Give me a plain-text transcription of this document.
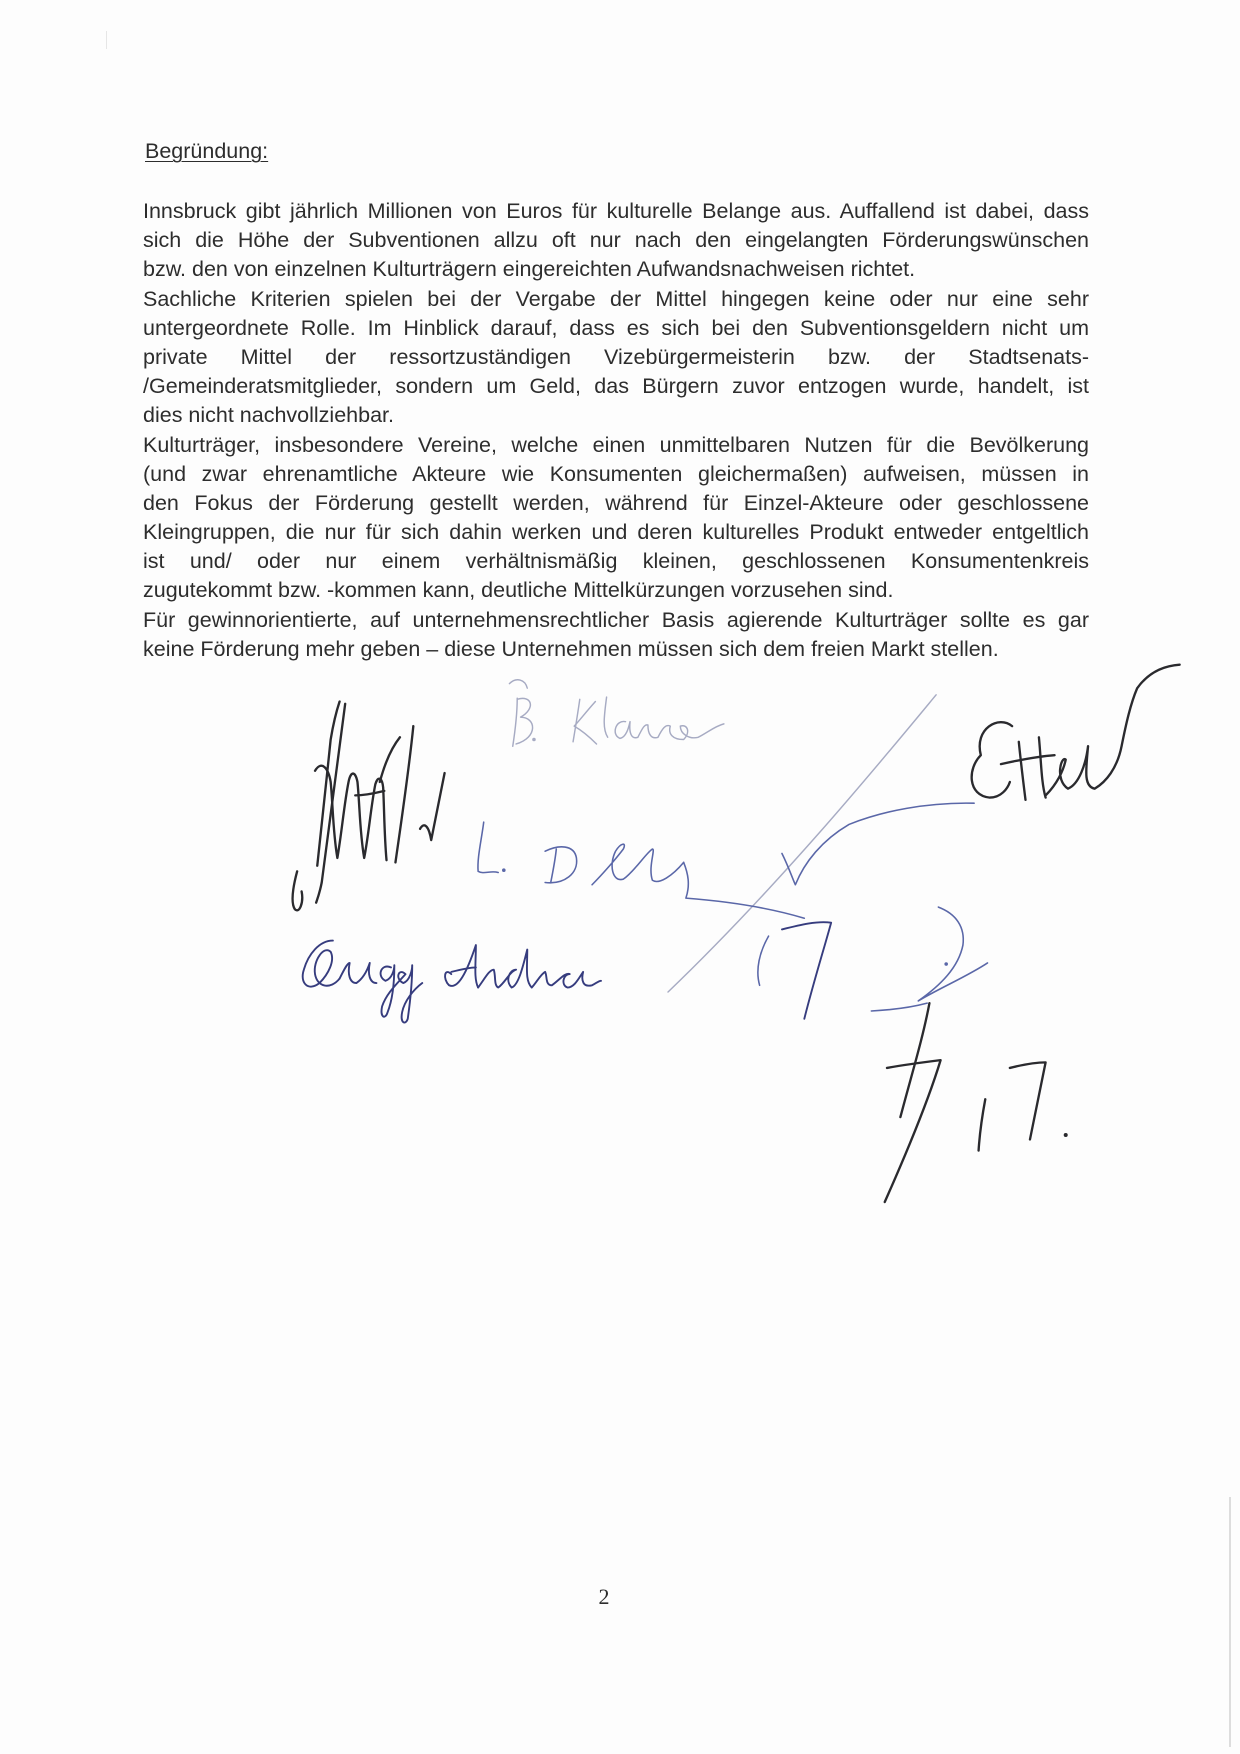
Begründung:
Innsbruck gibt jährlich Millionen von Euros für kulturelle Belange aus. Auffallend ist dabei, dass
sich die Höhe der Subventionen allzu oft nur nach den eingelangten Förderungswünschen
bzw. den von einzelnen Kulturträgern eingereichten Aufwandsnachweisen richtet.
Sachliche Kriterien spielen bei der Vergabe der Mittel hingegen keine oder nur eine sehr
untergeordnete Rolle. Im Hinblick darauf, dass es sich bei den Subventionsgeldern nicht um
private Mittel der ressortzuständigen Vizebürgermeisterin bzw. der Stadtsenats-
/Gemeinderatsmitglieder, sondern um Geld, das Bürgern zuvor entzogen wurde, handelt, ist
dies nicht nachvollziehbar.
Kulturträger, insbesondere Vereine, welche einen unmittelbaren Nutzen für die Bevölkerung
(und zwar ehrenamtliche Akteure wie Konsumenten gleichermaßen) aufweisen, müssen in
den Fokus der Förderung gestellt werden, während für Einzel-Akteure oder geschlossene
Kleingruppen, die nur für sich dahin werken und deren kulturelles Produkt entweder entgeltlich
ist und/ oder nur einem verhältnismäßig kleinen, geschlossenen Konsumentenkreis
zugutekommt bzw. -kommen kann, deutliche Mittelkürzungen vorzusehen sind.
Für gewinnorientierte, auf unternehmensrechtlicher Basis agierende Kulturträger sollte es gar
keine Förderung mehr geben – diese Unternehmen müssen sich dem freien Markt stellen.
2
